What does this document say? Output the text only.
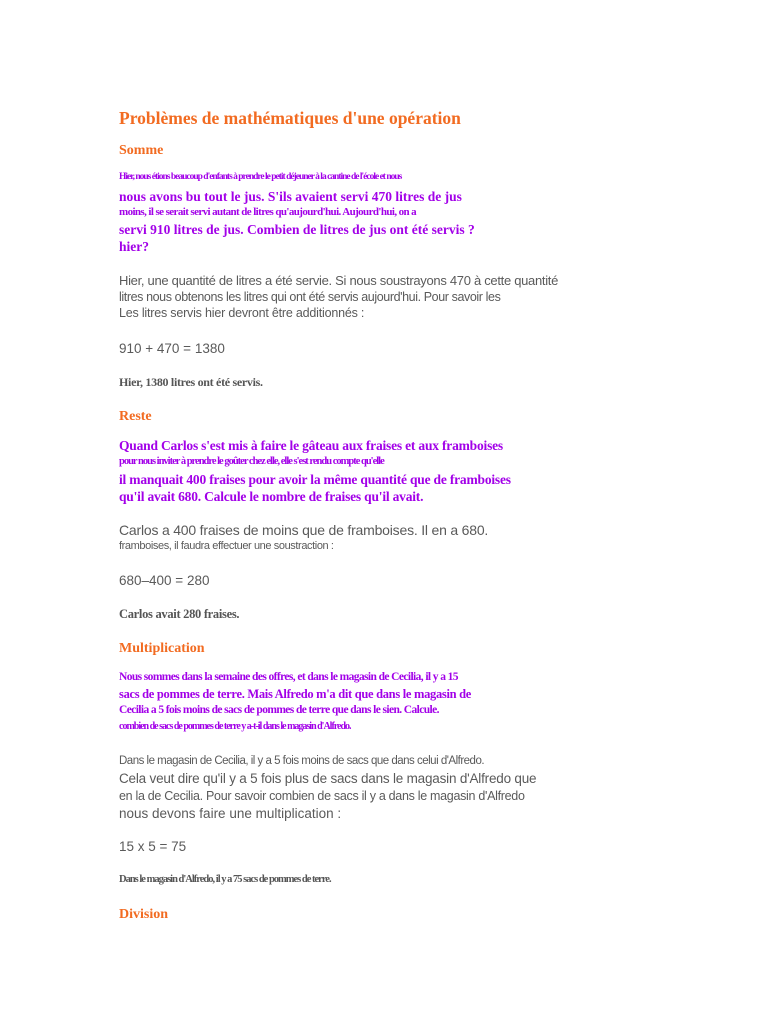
Problèmes de mathématiques d'une opération
Somme
Hier, nous étions beaucoup d'enfants à prendre le petit déjeuner à la cantine de l'école et nous
nous avons bu tout le jus. S'ils avaient servi 470 litres de jus
moins, il se serait servi autant de litres qu'aujourd'hui. Aujourd'hui, on a
servi 910 litres de jus. Combien de litres de jus ont été servis ?
hier?
Hier, une quantité de litres a été servie. Si nous soustrayons 470 à cette quantité
litres nous obtenons les litres qui ont été servis aujourd'hui. Pour savoir les
Les litres servis hier devront être additionnés :
910 + 470 = 1380
Hier, 1380 litres ont été servis.
Reste
Quand Carlos s'est mis à faire le gâteau aux fraises et aux framboises
pour nous inviter à prendre le goûter chez elle, elle s'est rendu compte qu'elle
il manquait 400 fraises pour avoir la même quantité que de framboises
qu'il avait 680. Calcule le nombre de fraises qu'il avait.
Carlos a 400 fraises de moins que de framboises. Il en a 680.
framboises, il faudra effectuer une soustraction :
680–400 = 280
Carlos avait 280 fraises.
Multiplication
Nous sommes dans la semaine des offres, et dans le magasin de Cecilia, il y a 15
sacs de pommes de terre. Mais Alfredo m'a dit que dans le magasin de
Cecilia a 5 fois moins de sacs de pommes de terre que dans le sien. Calcule.
combien de sacs de pommes de terre y a-t-il dans le magasin d'Alfredo.
Dans le magasin de Cecilia, il y a 5 fois moins de sacs que dans celui d'Alfredo.
Cela veut dire qu'il y a 5 fois plus de sacs dans le magasin d'Alfredo que
en la de Cecilia. Pour savoir combien de sacs il y a dans le magasin d'Alfredo
nous devons faire une multiplication :
15 x 5 = 75
Dans le magasin d'Alfredo, il y a 75 sacs de pommes de terre.
Division
